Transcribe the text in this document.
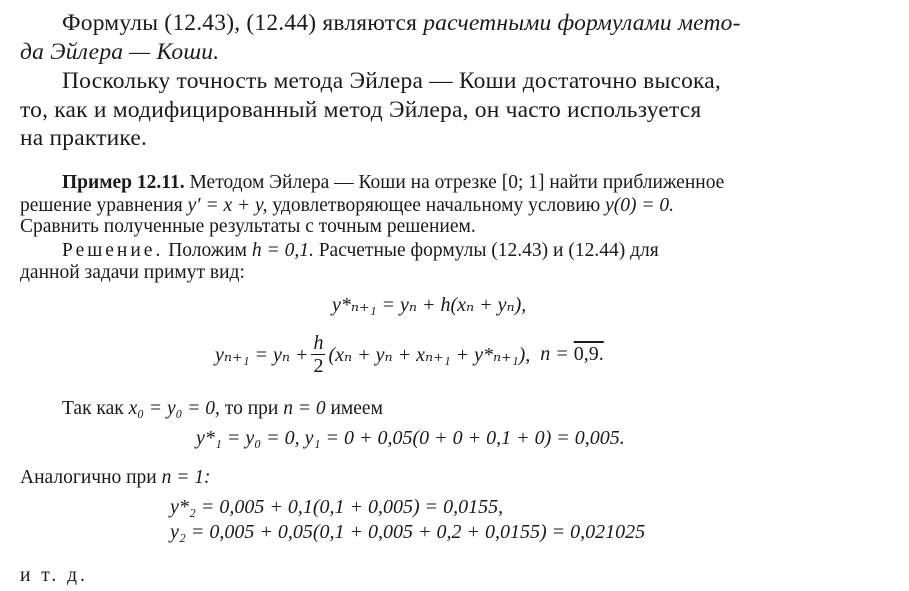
Формулы (12.43), (12.44) являются расчетными формулами мето-
да Эйлера — Коши.
Поскольку точность метода Эйлера — Коши достаточно высока,
то, как и модифицированный метод Эйлера, он часто используется
на практике.
Пример 12.11. Методом Эйлера — Коши на отрезке [0; 1] найти приближенное
решение уравнения y′ = x + y, удовлетворяющее начальному условию y(0) = 0.
Сравнить полученные результаты с точным решением.
Решение. Положим h = 0,1. Расчетные формулы (12.43) и (12.44) для
данной задачи примут вид:
y*ₙ₊₁ = yₙ + h(xₙ + yₙ),
$y_{n+1} = y_n + \frac{h}{2} (x_n + y_n + x_{n+1} + y*_{n+1})$, n = 0,9.
Так как x₀ = y₀ = 0, то при n = 0 имеем
y*₁ = y₀ = 0, y₁ = 0 + 0,05(0 + 0 + 0,1 + 0) = 0,005.
Аналогично при n = 1:
y*₂ = 0,005 + 0,1(0,1 + 0,005) = 0,0155,
y₂ = 0,005 + 0,05(0,1 + 0,005 + 0,2 + 0,0155) = 0,021025
и т. д.
